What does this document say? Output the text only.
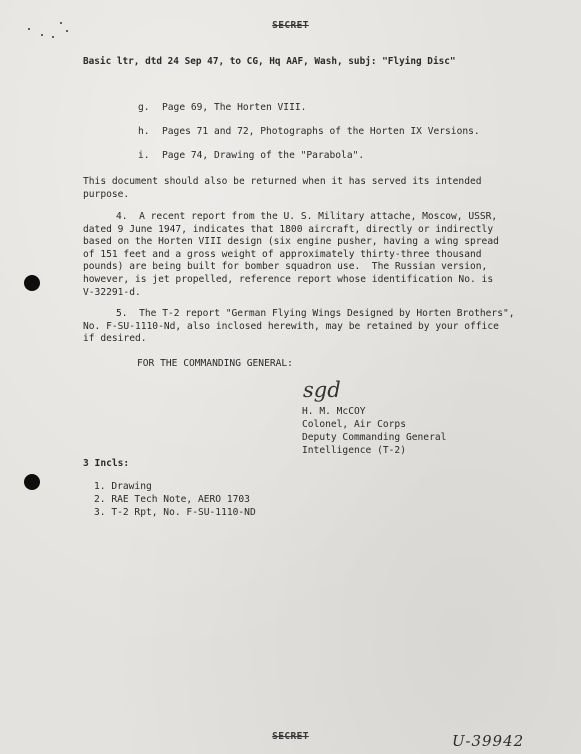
SECRET
Basic ltr, dtd 24 Sep 47, to CG, Hq AAF, Wash, subj: "Flying Disc"
g. Page 69, The Horten VIII.
h. Pages 71 and 72, Photographs of the Horten IX Versions.
i. Page 74, Drawing of the "Parabola".
This document should also be returned when it has served its intended
purpose.
4.  A recent report from the U. S. Military attache, Moscow, USSR,
dated 9 June 1947, indicates that 1800 aircraft, directly or indirectly
based on the Horten VIII design (six engine pusher, having a wing spread
of 151 feet and a gross weight of approximately thirty-three thousand
pounds) are being built for bomber squadron use.  The Russian version,
however, is jet propelled, reference report whose identification No. is
V-32291-d.
5.  The T-2 report "German Flying Wings Designed by Horten Brothers",
No. F-SU-1110-Nd, also inclosed herewith, may be retained by your office
if desired.
FOR THE COMMANDING GENERAL:
sgd
H. M. McCOY
Colonel, Air Corps
Deputy Commanding General
Intelligence (T-2)
3 Incls:
1. Drawing
2. RAE Tech Note, AERO 1703
3. T-2 Rpt, No. F-SU-1110-ND
SECRET	U-39942
